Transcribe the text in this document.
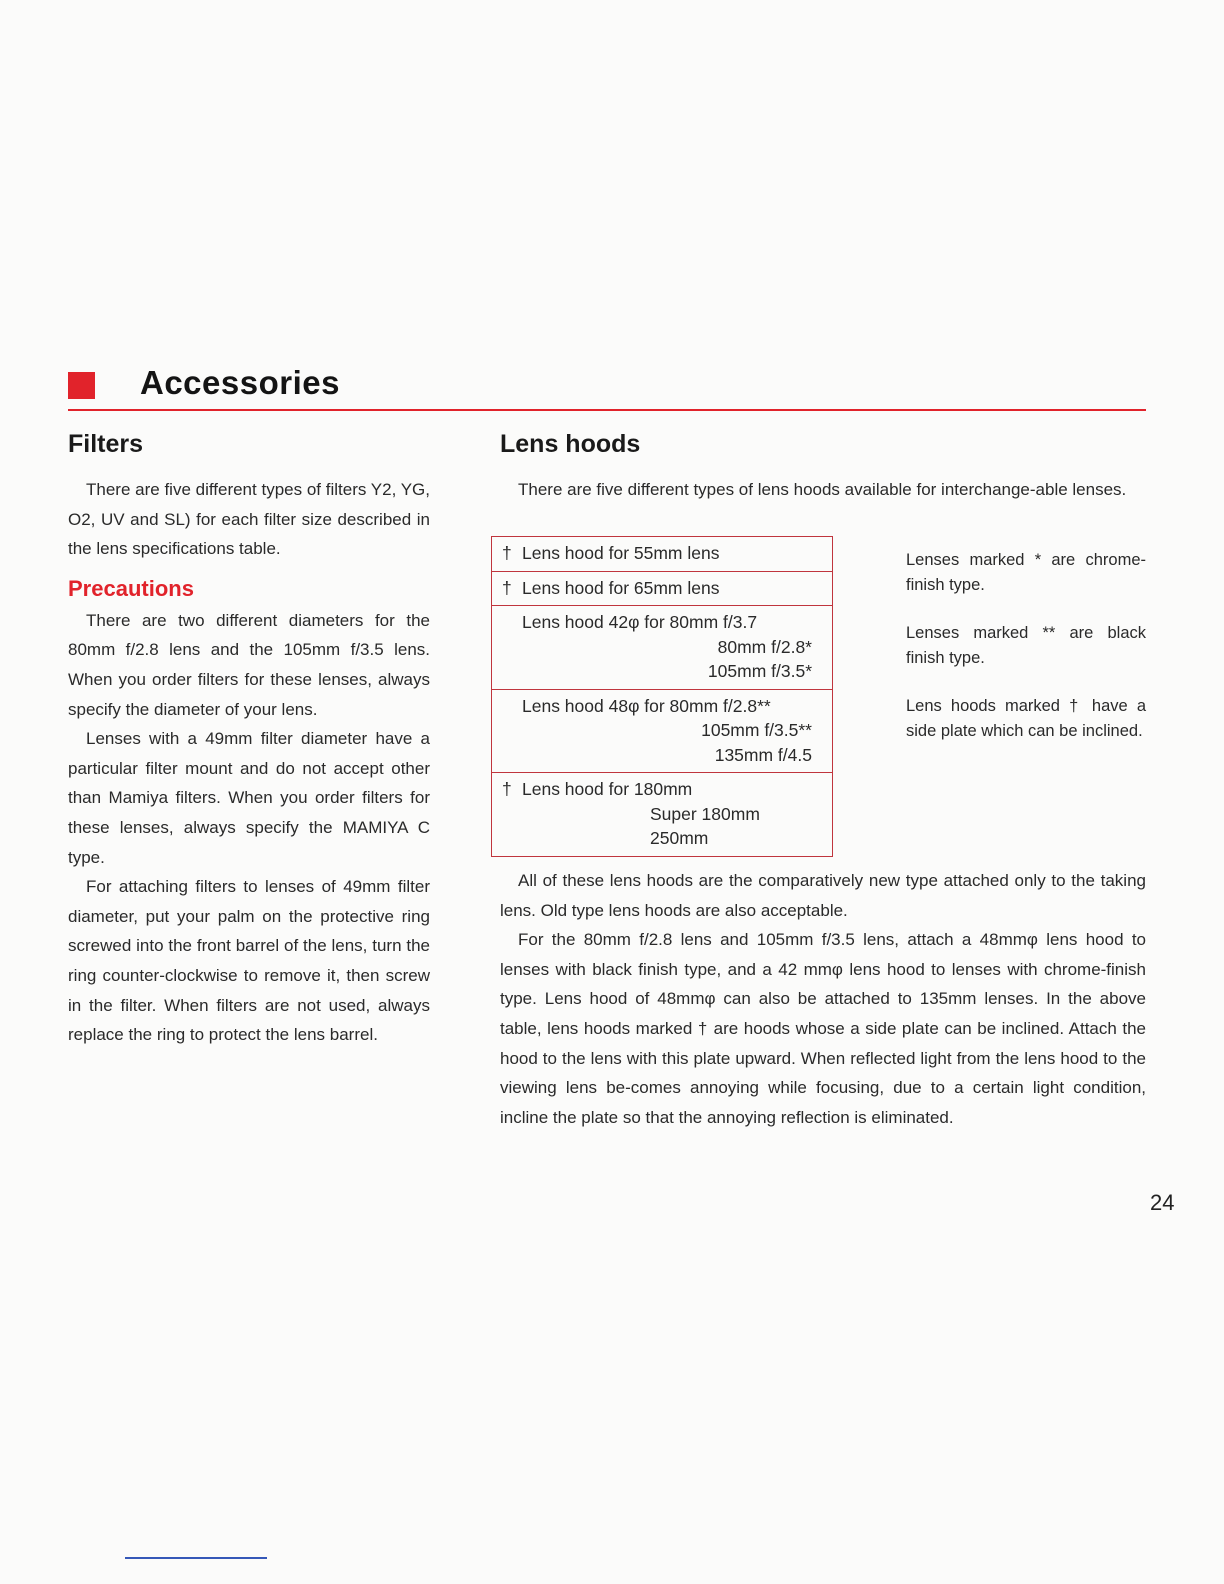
Accessories
Filters

There are five different types of filters Y2, YG, O2, UV and SL) for each filter size described in the lens specifications table.

Precautions

There are two different diameters for the 80mm f/2.8 lens and the 105mm f/3.5 lens. When you order filters for these lenses, always specify the diameter of your lens.

Lenses with a 49mm filter diameter have a particular filter mount and do not accept other than Mamiya filters. When you order filters for these lenses, always specify the MAMIYA C type.

For attaching filters to lenses of 49mm filter diameter, put your palm on the protective ring screwed into the front barrel of the lens, turn the ring counter-clockwise to remove it, then screw in the filter. When filters are not used, always replace the ring to protect the lens barrel.

Lens hoods

There are five different types of lens hoods available for interchange-able lenses.

† Lens hood for 55mm lens
† Lens hood for 65mm lens
Lens hood 42φ for 80mm f/3.7
80mm f/2.8*
105mm f/3.5*
Lens hood 48φ for 80mm f/2.8**
105mm f/3.5**
135mm f/4.5
† Lens hood for 180mm
Super 180mm
250mm

Lenses marked * are chrome-finish type.

Lenses marked ** are black finish type.

Lens hoods marked † have a side plate which can be inclined.

All of these lens hoods are the comparatively new type attached only to the taking lens. Old type lens hoods are also acceptable.

For the 80mm f/2.8 lens and 105mm f/3.5 lens, attach a 48mmφ lens hood to lenses with black finish type, and a 42 mmφ lens hood to lenses with chrome-finish type. Lens hood of 48mmφ can also be attached to 135mm lenses. In the above table, lens hoods marked † are hoods whose a side plate can be inclined. Attach the hood to the lens with this plate upward. When reflected light from the lens hood to the viewing lens be-comes annoying while focusing, due to a certain light condition, incline the plate so that the annoying reflection is eliminated.

24
